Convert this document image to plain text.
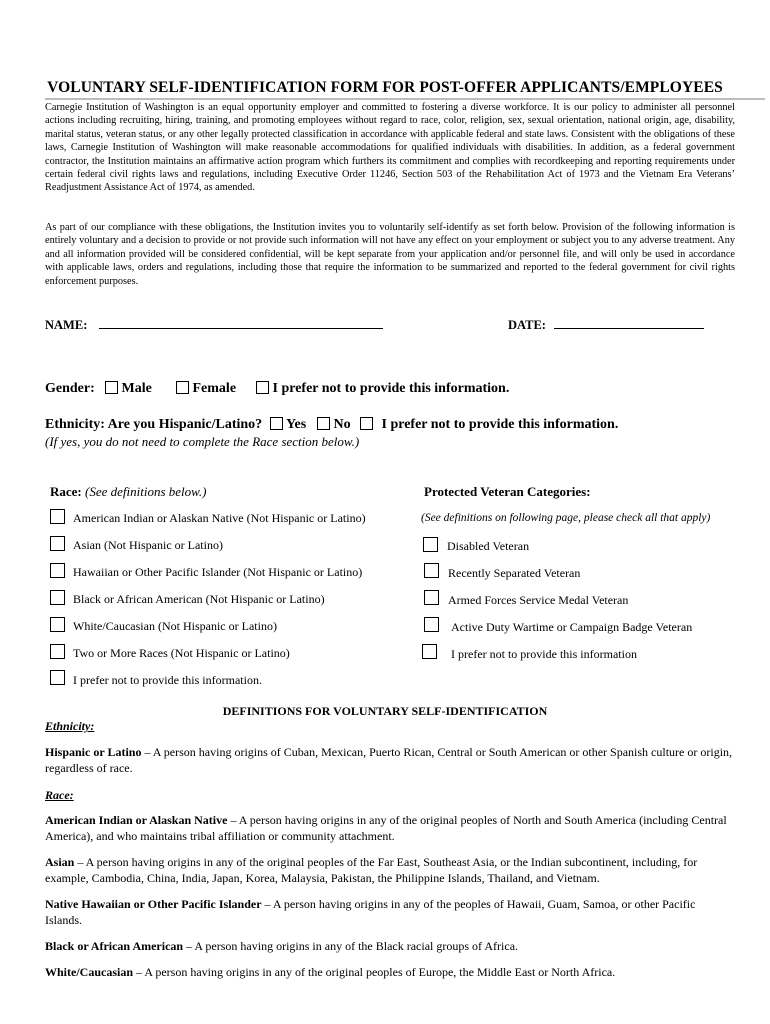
VOLUNTARY SELF-IDENTIFICATION FORM FOR POST-OFFER APPLICANTS/EMPLOYEES

Carnegie Institution of Washington is an equal opportunity employer and committed to fostering a diverse workforce. It is our policy to administer all personnel actions including recruiting, hiring, training, and promoting employees without regard to race, color, religion, sex, sexual orientation, national origin, age, disability, marital status, veteran status, or any other legally protected classification in accordance with applicable federal and state laws. Consistent with the obligations of these laws, Carnegie Institution of Washington will make reasonable accommodations for qualified individuals with disabilities. In addition, as a federal government contractor, the Institution maintains an affirmative action program which furthers its commitment and complies with recordkeeping and reporting requirements under certain federal civil rights laws and regulations, including Executive Order 11246, Section 503 of the Rehabilitation Act of 1973 and the Vietnam Era Veterans’ Readjustment Assistance Act of 1974, as amended.

As part of our compliance with these obligations, the Institution invites you to voluntarily self-identify as set forth below. Provision of the following information is entirely voluntary and a decision to provide or not provide such information will not have any effect on your employment or subject you to any adverse treatment. Any and all information provided will be considered confidential, will be kept separate from your application and/or personnel file, and will only be used in accordance with applicable laws, orders and regulations, including those that require the information to be summarized and reported to the federal government for civil rights enforcement purposes.

NAME:	DATE:
Gender:	Male	Female	I prefer not to provide this information.
Ethnicity: Are you Hispanic/Latino?	Yes	No	I prefer not to provide this information.
(If yes, you do not need to complete the Race section below.)
Race: (See definitions below.)	Protected Veteran Categories:
(See definitions on following page, please check all that apply)
American Indian or Alaskan Native (Not Hispanic or Latino)
Asian (Not Hispanic or Latino)
Hawaiian or Other Pacific Islander (Not Hispanic or Latino)
Black or African American (Not Hispanic or Latino)
White/Caucasian (Not Hispanic or Latino)
Two or More Races (Not Hispanic or Latino)
I prefer not to provide this information.
Disabled Veteran
Recently Separated Veteran
Armed Forces Service Medal Veteran
Active Duty Wartime or Campaign Badge Veteran
I prefer not to provide this information
DEFINITIONS FOR VOLUNTARY SELF-IDENTIFICATION
Ethnicity:

Hispanic or Latino – A person having origins of Cuban, Mexican, Puerto Rican, Central or South American or other Spanish culture or origin, regardless of race.

Race:

American Indian or Alaskan Native – A person having origins in any of the original peoples of North and South America (including Central America), and who maintains tribal affiliation or community attachment.

Asian – A person having origins in any of the original peoples of the Far East, Southeast Asia, or the Indian subcontinent, including, for example, Cambodia, China, India, Japan, Korea, Malaysia, Pakistan, the Philippine Islands, Thailand, and Vietnam.

Native Hawaiian or Other Pacific Islander – A person having origins in any of the peoples of Hawaii, Guam, Samoa, or other Pacific Islands.

Black or African American – A person having origins in any of the Black racial groups of Africa.

White/Caucasian – A person having origins in any of the original peoples of Europe, the Middle East or North Africa.
